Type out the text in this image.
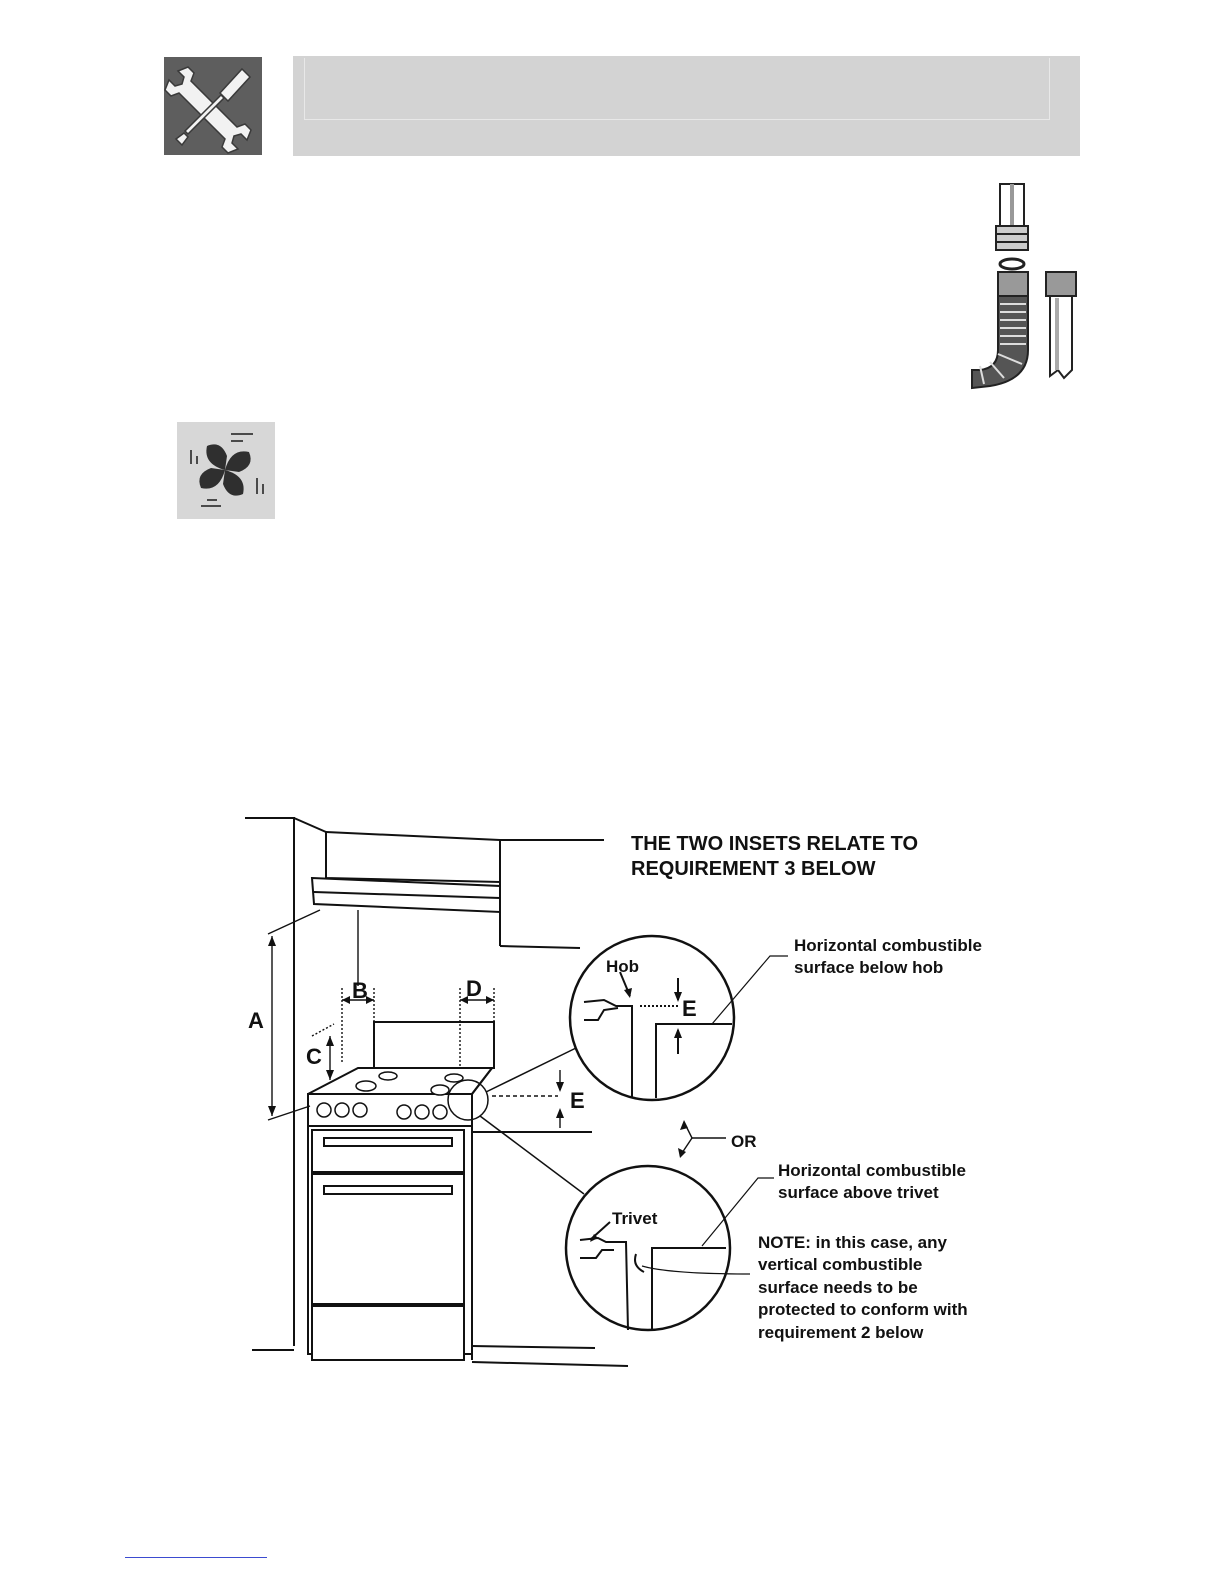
THE TWO INSETS RELATE TO
REQUIREMENT 3 BELOW
A
B
C
D
E
Hob
E
Horizontal combustible
surface below hob
OR
Trivet
Horizontal combustible
surface above trivet
NOTE: in this case, any
vertical combustible
surface needs to be
protected to conform with
requirement 2 below
